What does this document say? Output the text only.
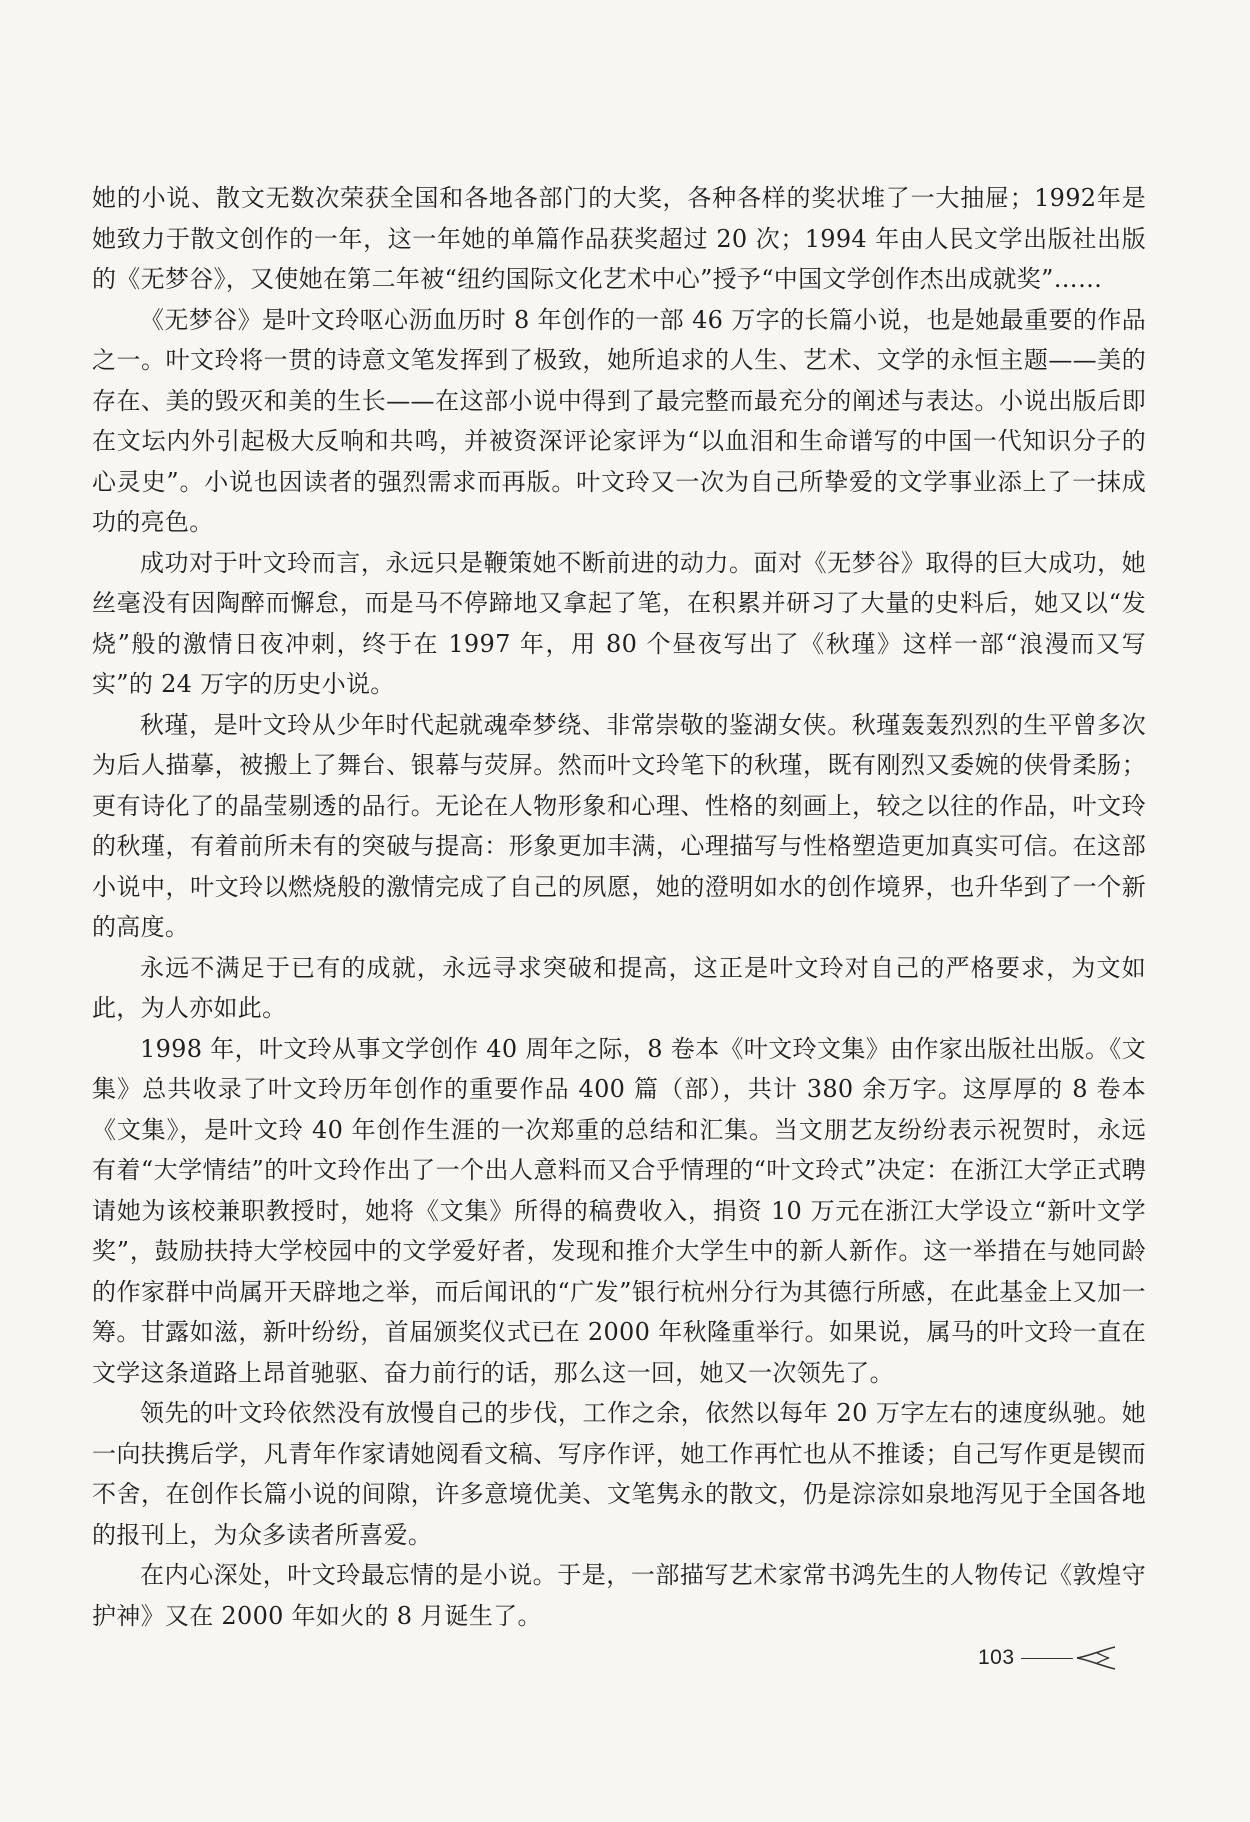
她的小说、散文无数次荣获全国和各地各部门的大奖，各种各样的奖状堆了一大抽屉；1992年是她致力于散文创作的一年，这一年她的单篇作品获奖超过 20 次；1994 年由人民文学出版社出版的《无梦谷》，又使她在第二年被“纽约国际文化艺术中心”授予“中国文学创作杰出成就奖”……

《无梦谷》是叶文玲呕心沥血历时 8 年创作的一部 46 万字的长篇小说，也是她最重要的作品之一。叶文玲将一贯的诗意文笔发挥到了极致，她所追求的人生、艺术、文学的永恒主题——美的存在、美的毁灭和美的生长——在这部小说中得到了最完整而最充分的阐述与表达。小说出版后即在文坛内外引起极大反响和共鸣，并被资深评论家评为“以血泪和生命谱写的中国一代知识分子的心灵史”。小说也因读者的强烈需求而再版。叶文玲又一次为自己所挚爱的文学事业添上了一抹成功的亮色。

成功对于叶文玲而言，永远只是鞭策她不断前进的动力。面对《无梦谷》取得的巨大成功，她丝毫没有因陶醉而懈怠，而是马不停蹄地又拿起了笔，在积累并研习了大量的史料后，她又以“发烧”般的激情日夜冲刺，终于在 1997 年，用 80 个昼夜写出了《秋瑾》这样一部“浪漫而又写实”的 24 万字的历史小说。

秋瑾，是叶文玲从少年时代起就魂牵梦绕、非常崇敬的鉴湖女侠。秋瑾轰轰烈烈的生平曾多次为后人描摹，被搬上了舞台、银幕与荧屏。然而叶文玲笔下的秋瑾，既有刚烈又委婉的侠骨柔肠；更有诗化了的晶莹剔透的品行。无论在人物形象和心理、性格的刻画上，较之以往的作品，叶文玲的秋瑾，有着前所未有的突破与提高：形象更加丰满，心理描写与性格塑造更加真实可信。在这部小说中，叶文玲以燃烧般的激情完成了自己的夙愿，她的澄明如水的创作境界，也升华到了一个新的高度。

永远不满足于已有的成就，永远寻求突破和提高，这正是叶文玲对自己的严格要求，为文如此，为人亦如此。

1998 年，叶文玲从事文学创作 40 周年之际，8 卷本《叶文玲文集》由作家出版社出版。《文集》总共收录了叶文玲历年创作的重要作品 400 篇（部），共计 380 余万字。这厚厚的 8 卷本《文集》，是叶文玲 40 年创作生涯的一次郑重的总结和汇集。当文朋艺友纷纷表示祝贺时，永远有着“大学情结”的叶文玲作出了一个出人意料而又合乎情理的“叶文玲式”决定：在浙江大学正式聘请她为该校兼职教授时，她将《文集》所得的稿费收入，捐资 10 万元在浙江大学设立“新叶文学奖”，鼓励扶持大学校园中的文学爱好者，发现和推介大学生中的新人新作。这一举措在与她同龄的作家群中尚属开天辟地之举，而后闻讯的“广发”银行杭州分行为其德行所感，在此基金上又加一筹。甘露如滋，新叶纷纷，首届颁奖仪式已在 2000 年秋隆重举行。如果说，属马的叶文玲一直在文学这条道路上昂首驰驱、奋力前行的话，那么这一回，她又一次领先了。

领先的叶文玲依然没有放慢自己的步伐，工作之余，依然以每年 20 万字左右的速度纵驰。她一向扶携后学，凡青年作家请她阅看文稿、写序作评，她工作再忙也从不推诿；自己写作更是锲而不舍，在创作长篇小说的间隙，许多意境优美、文笔隽永的散文，仍是淙淙如泉地泻见于全国各地的报刊上，为众多读者所喜爱。

在内心深处，叶文玲最忘情的是小说。于是，一部描写艺术家常书鸿先生的人物传记《敦煌守护神》又在 2000 年如火的 8 月诞生了。

103
